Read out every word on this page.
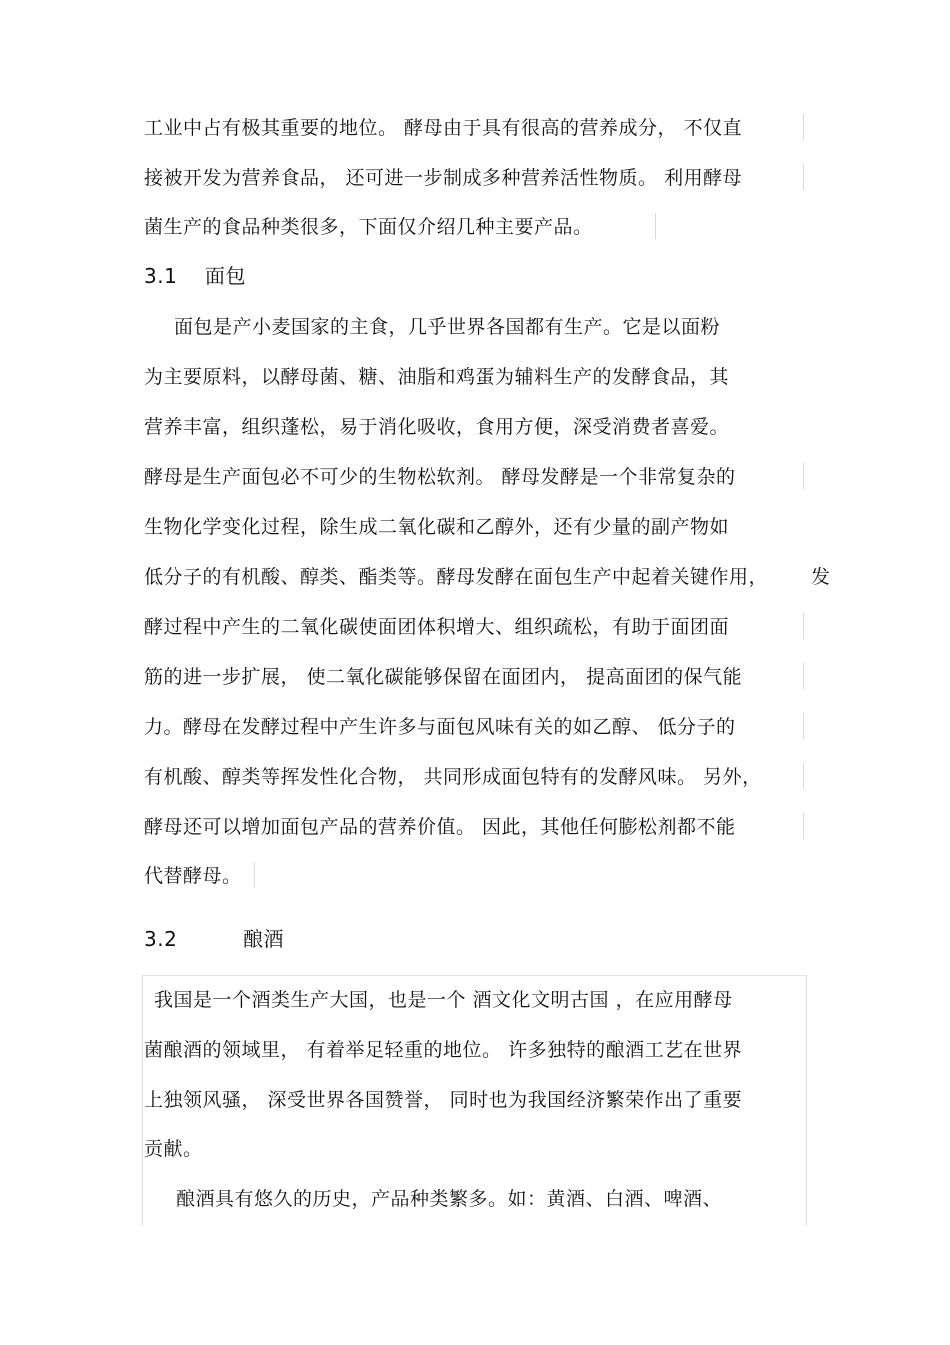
工业中占有极其重要的地位。 酵母由于具有很高的营养成分， 不仅直
接被开发为营养食品， 还可进一步制成多种营养活性物质。 利用酵母
菌生产的食品种类很多，下面仅介绍几种主要产品。
3.1 面包
面包是产小麦国家的主食，几乎世界各国都有生产。它是以面粉
为主要原料，以酵母菌、糖、油脂和鸡蛋为辅料生产的发酵食品，其
营养丰富，组织蓬松，易于消化吸收，食用方便，深受消费者喜爱。
酵母是生产面包必不可少的生物松软剂。 酵母发酵是一个非常复杂的
生物化学变化过程，除生成二氧化碳和乙醇外，还有少量的副产物如
低分子的有机酸、醇类、酯类等。酵母发酵在面包生产中起着关键作用， 发
酵过程中产生的二氧化碳使面团体积增大、组织疏松，有助于面团面
筋的进一步扩展， 使二氧化碳能够保留在面团内， 提高面团的保气能
力。酵母在发酵过程中产生许多与面包风味有关的如乙醇、 低分子的
有机酸、醇类等挥发性化合物， 共同形成面包特有的发酵风味。 另外，
酵母还可以增加面包产品的营养价值。 因此，其他任何膨松剂都不能
代替酵母。
3.2	酿酒
我国是一个酒类生产大国，也是一个 酒文化文明古国 ，在应用酵母
菌酿酒的领域里， 有着举足轻重的地位。 许多独特的酿酒工艺在世界
上独领风骚， 深受世界各国赞誉， 同时也为我国经济繁荣作出了重要
贡献。
酿酒具有悠久的历史，产品种类繁多。如：黄酒、白酒、啤酒、
